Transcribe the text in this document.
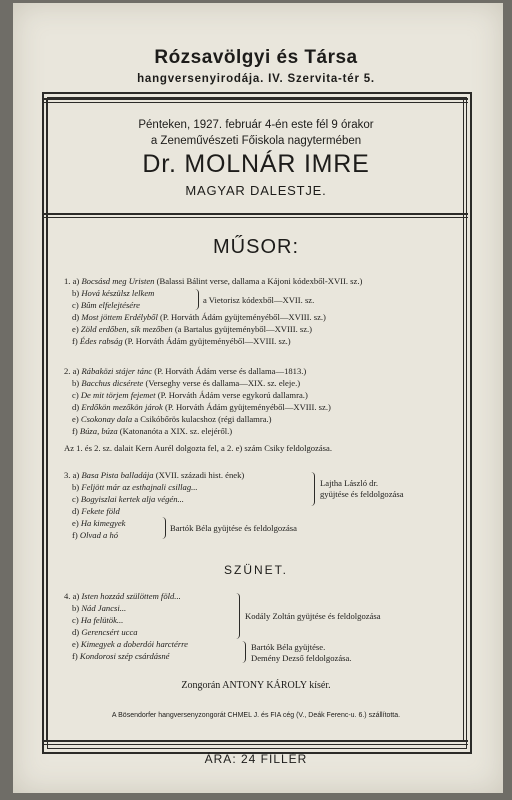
Rózsavölgyi és Társa
hangversenyirodája. IV. Szervita-tér 5.
Pénteken, 1927. február 4-én este fél 9 órakor
a Zeneművészeti Főiskola nagytermében
Dr. MOLNÁR IMRE
MAGYAR DALESTJE.
MŰSOR:
1. a) Bocsásd meg Uristen (Balassi Bálint verse, dallama a Kájoni kódexből-XVII. sz.)
b) Hová készülsz lelkem
c) Bûm elfelejtésére
d) Most jöttem Erdélyből (P. Horváth Ádám gyüjteményéből—XVIII. sz.)
e) Zöld erdőben, sík mezőben (a Bartalus gyüjteményből—XVIII. sz.)
f) Édes rabság (P. Horváth Ádám gyüjteményéből—XVIII. sz.)
a Vietorisz kódexből—XVII. sz.
2. a) Rábaközi stájer tánc (P. Horváth Ádám verse és dallama—1813.)
b) Bacchus dicsérete (Verseghy verse és dallama—XIX. sz. eleje.)
c) De mit törjem fejemet (P. Horváth Ádám verse egykorú dallamra.)
d) Erdőkön mezőkön járok (P. Horváth Ádám gyüjteményéből—XVIII. sz.)
e) Csokonay dala a Csikóbőrös kulacshoz (régi dallamra.)
f) Búza, búza (Katonanóta a XIX. sz. elejéről.)
Az 1. és 2. sz. dalait Kern Aurél dolgozta fel, a 2. e) szám Csiky feldolgozása.
3. a) Basa Pista balladája (XVII. századi hist. ének)
b) Feljött már az esthajnali csillag...
c) Bogyiszlai kertek alja végén...
d) Fekete föld
e) Ha kimegyek
f) Olvad a hó
Lajtha László dr.
gyüjtése és feldolgozása
Bartók Béla gyüjtése és feldolgozása
SZÜNET.
4. a) Isten hozzád szülöttem föld...
b) Nád Jancsi...
c) Ha felütök...
d) Gerencsért ucca
e) Kimegyek a doberdói harctérre
f) Kondorosi szép csárdásné
Kodály Zoltán gyüjtése és feldolgozása
Bartók Béla gyüjtése.
Demény Dezső feldolgozása.
Zongorán ANTONY KÁROLY kísér.
A Bösendorfer hangversenyzongorát CHMEL J. és FIA cég (V., Deák Ferenc-u. 6.) szállította.
ÁRA: 24 FILLÉR
